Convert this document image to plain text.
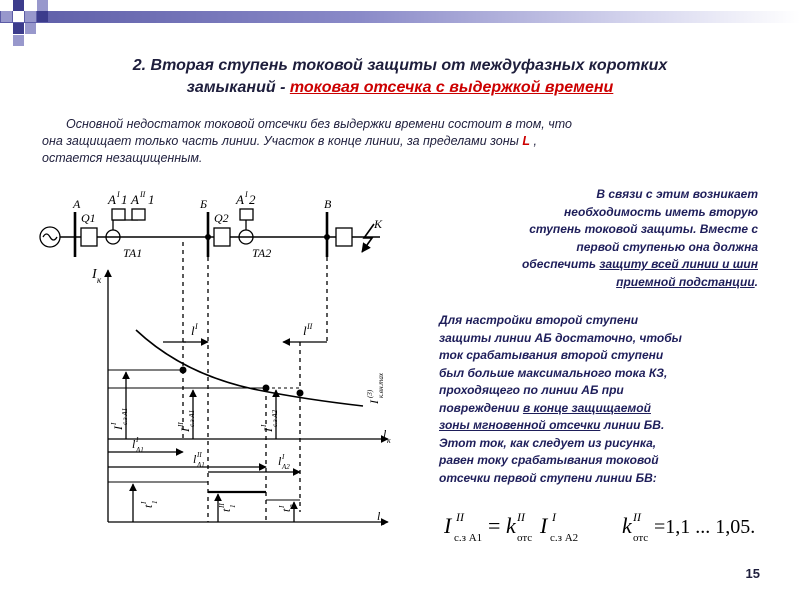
2. Вторая ступень токовой защиты от междуфазных коротких
замыканий - токовая отсечка с выдержкой времени

Основной недостаток токовой отсечки без выдержки времени состоит в том, что

она защищает только часть линии. Участок в конце линии, за пределами зоны L ,

остается незащищенным.

В связи с этим возникает
необходимость иметь вторую
ступень токовой защиты. Вместе с
первой ступенью она должна
обеспечить защиту всей линии и шин
приемной подстанции.
Для настройки второй ступени
защиты линии АБ достаточно, чтобы
ток срабатывания второй ступени
был больше максимального тока КЗ,
проходящего по линии АБ при
повреждении в конце защищаемой
зоны мгновенной отсечки линии БВ.
Этот ток, как следует из рисунка,
равен току срабатывания токовой
отсечки первой ступени линии БВ:
I II
с.з A1 = k II
отс I I
с.з A2 k II
отс =1,1 ... 1,05.
15
А	Б	В
К
Q1	Q2
ТА1	ТА2
А I 1 А II 1	А I 2
I к
l I	l II
l к
l к
I
(3) к.вн.max
I
I с.з A1
I
II с.з A1
I
I с.з A2
l I
A1
l II
A1	l I
A2
t
I 1
t
II 1
t
I 2
